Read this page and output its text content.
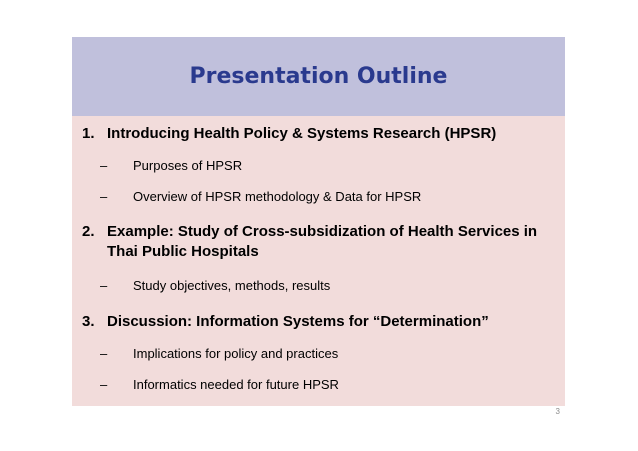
Presentation Outline
1. Introducing Health Policy & Systems Research (HPSR)
– Purposes of HPSR
– Overview of HPSR methodology & Data for HPSR
2. Example: Study of Cross-subsidization of Health Services in Thai Public Hospitals
– Study objectives, methods, results
3. Discussion: Information Systems for “Determination”
– Implications for policy and practices
– Informatics needed for future HPSR
3
